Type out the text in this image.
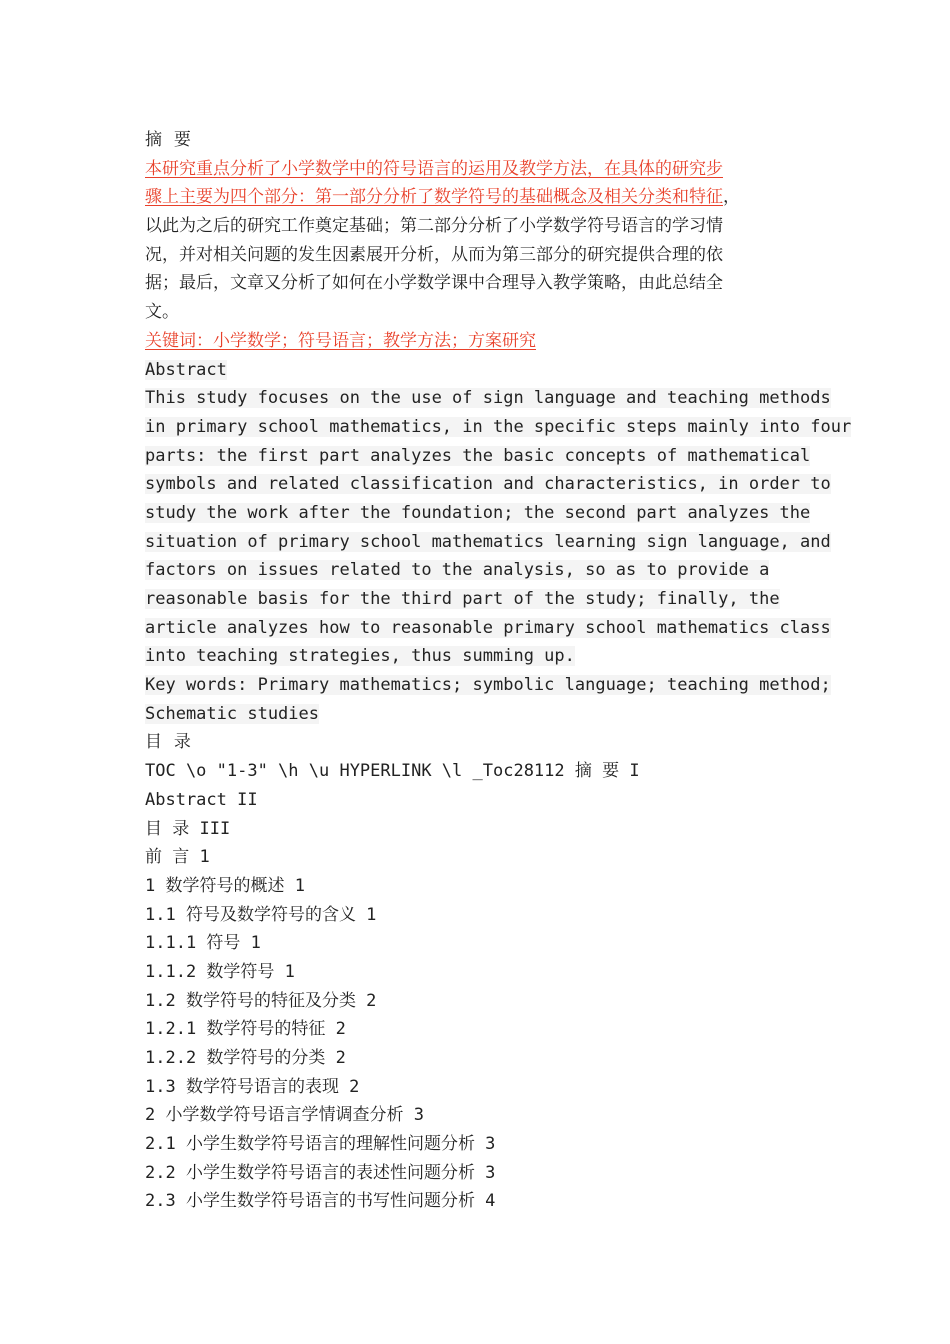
摘 要
本研究重点分析了小学数学中的符号语言的运用及教学方法，在具体的研究步
骤上主要为四个部分：第一部分分析了数学符号的基础概念及相关分类和特征，
以此为之后的研究工作奠定基础；第二部分分析了小学数学符号语言的学习情
况，并对相关问题的发生因素展开分析，从而为第三部分的研究提供合理的依
据；最后，文章又分析了如何在小学数学课中合理导入教学策略，由此总结全
文。
关键词：小学数学；符号语言；教学方法；方案研究
Abstract
This study focuses on the use of sign language and teaching methods
in primary school mathematics, in the specific steps mainly into four
parts: the first part analyzes the basic concepts of mathematical
symbols and related classification and characteristics, in order to
study the work after the foundation; the second part analyzes the
situation of primary school mathematics learning sign language, and
factors on issues related to the analysis, so as to provide a
reasonable basis for the third part of the study; finally, the
article analyzes how to reasonable primary school mathematics class
into teaching strategies, thus summing up.
Key words: Primary mathematics; symbolic language; teaching method;
Schematic studies
目 录
TOC \o "1-3" \h \u HYPERLINK \l _Toc28112 摘 要 I
Abstract II
目 录 III
前 言 1
1 数学符号的概述 1
1.1 符号及数学符号的含义 1
1.1.1 符号 1
1.1.2 数学符号 1
1.2 数学符号的特征及分类 2
1.2.1 数学符号的特征 2
1.2.2 数学符号的分类 2
1.3 数学符号语言的表现 2
2 小学数学符号语言学情调查分析 3
2.1 小学生数学符号语言的理解性问题分析 3
2.2 小学生数学符号语言的表述性问题分析 3
2.3 小学生数学符号语言的书写性问题分析 4
